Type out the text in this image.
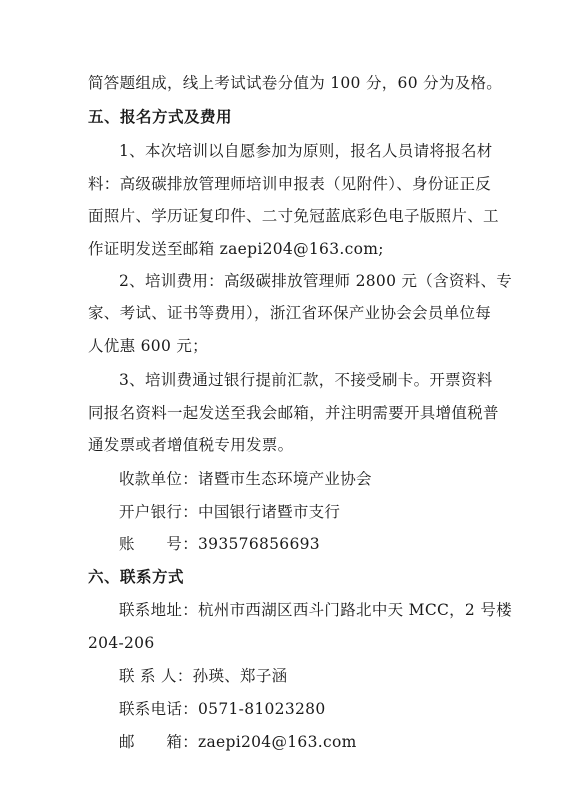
简答题组成，线上考试试卷分值为 100 分，60 分为及格。
五、报名方式及费用
1、本次培训以自愿参加为原则，报名人员请将报名材
料：高级碳排放管理师培训申报表（见附件）、身份证正反
面照片、学历证复印件、二寸免冠蓝底彩色电子版照片、工
作证明发送至邮箱 zaepi204@163.com;
2、培训费用：高级碳排放管理师 2800 元（含资料、专
家、考试、证书等费用），浙江省环保产业协会会员单位每
人优惠 600 元；
3、培训费通过银行提前汇款，不接受刷卡。开票资料
同报名资料一起发送至我会邮箱，并注明需要开具增值税普
通发票或者增值税专用发票。
收款单位：诸暨市生态环境产业协会
开户银行：中国银行诸暨市支行
账　　号：393576856693
六、联系方式
联系地址：杭州市西湖区西斗门路北中天 MCC，2 号楼
204-206
联 系 人：孙瑛、郑子涵
联系电话：0571-81023280
邮　　箱：zaepi204@163.com
